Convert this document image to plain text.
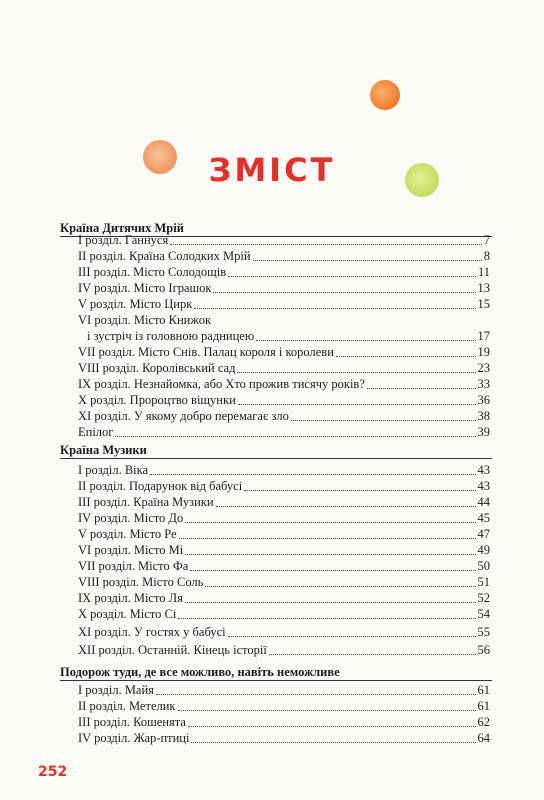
ЗМІСТ
Країна Дитячих Мрій
I розділ. Ганнуся	7
II розділ. Країна Солодких Мрій	8
III розділ. Місто Солодощів	11
IV розділ. Місто Іграшок	13
V розділ. Місто Цирк	15
VI розділ. Місто Книжок
і зустріч із головною радницею	17
VII розділ. Місто Снів. Палац короля і королеви	19
VIII розділ. Королівський сад	23
IX розділ. Незнайомка, або Хто прожив тисячу років?	33
X розділ. Пророцтво віщунки	36
XI розділ. У якому добро перемагає зло	38
Епілог	39
Країна Музики
I розділ. Віка	43
II розділ. Подарунок від бабусі	43
III розділ. Країна Музики	44
IV розділ. Місто До	45
V розділ. Місто Ре	47
VI розділ. Місто Мі	49
VII розділ. Місто Фа	50
VIII розділ. Місто Соль	51
IX розділ. Місто Ля	52
X розділ. Місто Сі	54
XI розділ. У гостях у бабусі	55
XII розділ. Останній. Кінець історії	56
Подорож туди, де все можливо, навіть неможливе
I розділ. Майя	61
II розділ. Метелик	61
III розділ. Кошенята	62
IV розділ. Жар-птиці	64
252
